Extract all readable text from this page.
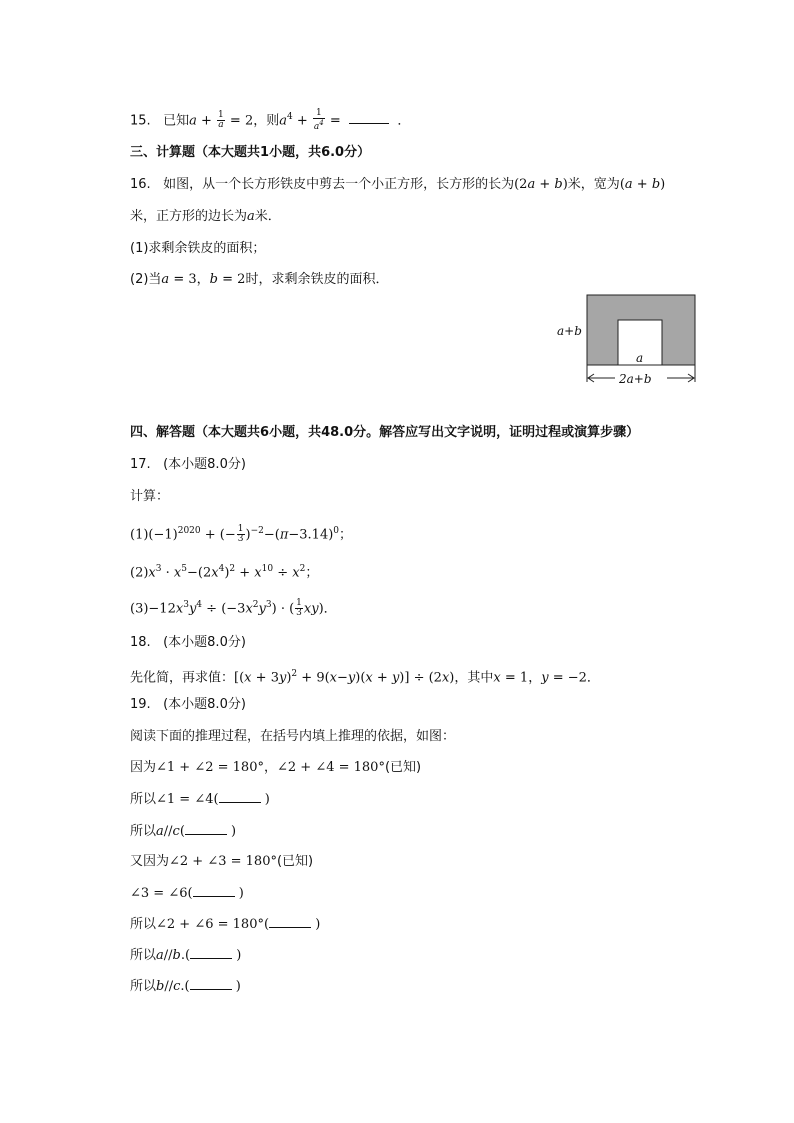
15. 已知$a + \frac{1}{a} = 2$，则$a^4 + \frac{1}{a^4}$ =	．
三、计算题（本大题共1小题，共6.0分）
16. 如图，从一个长方形铁皮中剪去一个小正方形，长方形的长为(2a + b)米，宽为(a + b)
米，正方形的边长为a米．
(1)求剩余铁皮的面积；
(2)当a = 3，b = 2时，求剩余铁皮的面积．
a+b
a
2a+b
四、解答题（本大题共6小题，共48.0分。解答应写出文字说明，证明过程或演算步骤）
17. (本小题8.0分)
计算：
$(1)(-1)^{2020}$ + (− $\frac{1}{3} )^{-2}-(\pi-3.14)^0$；
$(2)x^3 \cdot x^5-(2x^4)^2 + x^{10} \div x^2$；
$(3)-12x^3y^4 \div (-3x^2y^3)$ · ( $\frac{1}{3} xy$)．
18. (本小题8.0分)
先化简，再求值：$[(x + 3y)^2 + 9(x-y)(x + y)] \div (2x)$，其中x = 1，y = −2．
19. (本小题8.0分)
阅读下面的推理过程，在括号内填上推理的依据，如图：
因为∠1 + ∠2 = 180°，∠2 + ∠4 = 180°(已知)
所以∠1 = ∠4(	)
所以a//c(	)
又因为∠2 + ∠3 = 180°(已知)
∠3 = ∠6(	)
所以∠2 + ∠6 = 180°(	)
所以a//b.(	)
所以b//c.(	)
